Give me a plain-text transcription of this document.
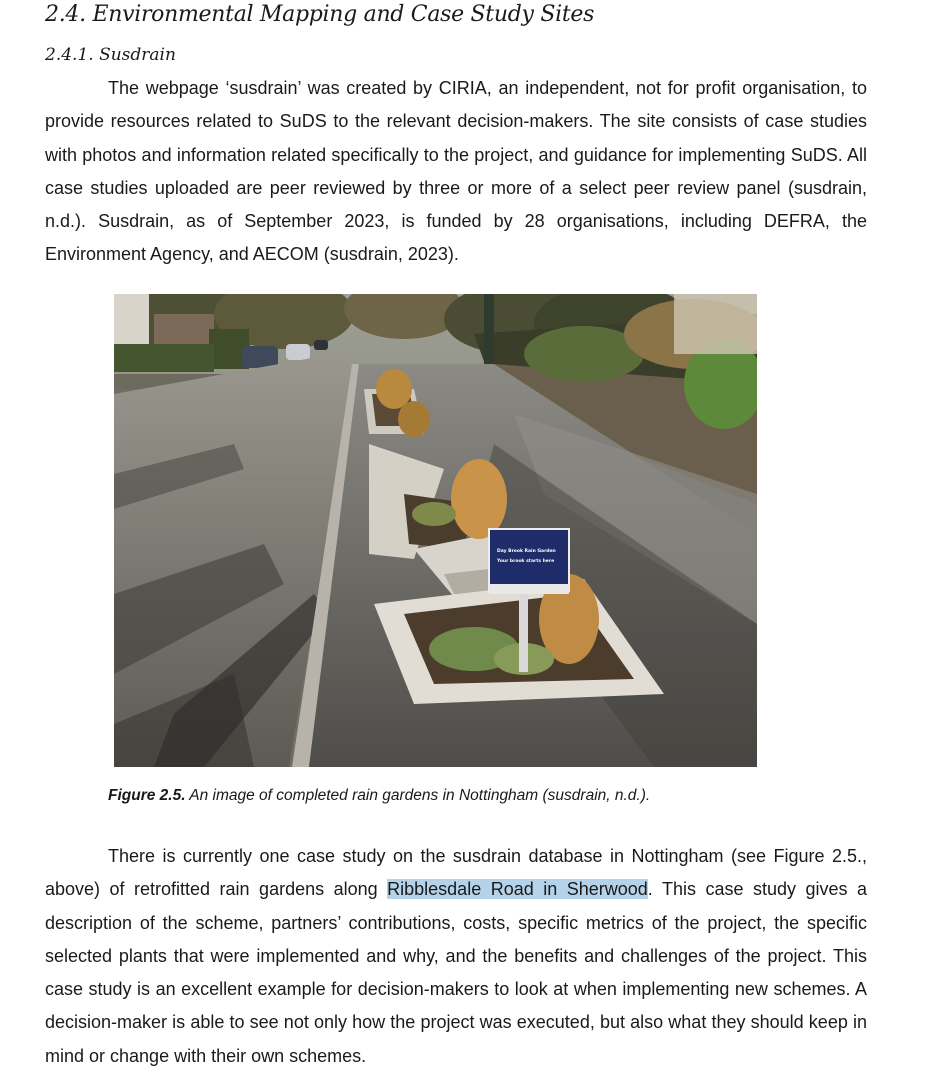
2.4. Environmental Mapping and Case Study Sites
2.4.1. Susdrain
The webpage ‘susdrain’ was created by CIRIA, an independent, not for profit organisation, to provide resources related to SuDS to the relevant decision-makers. The site consists of case studies with photos and information related specifically to the project, and guidance for implementing SuDS. All case studies uploaded are peer reviewed by three or more of a select peer review panel (susdrain, n.d.). Susdrain, as of September 2023, is funded by 28 organisations, including DEFRA, the Environment Agency, and AECOM (susdrain, 2023).
Day Brook Rain Garden
Your brook starts here
Figure 2.5. An image of completed rain gardens in Nottingham (susdrain, n.d.).
There is currently one case study on the susdrain database in Nottingham (see Figure 2.5., above) of retrofitted rain gardens along Ribblesdale Road in Sherwood. This case study gives a description of the scheme, partners’ contributions, costs, specific metrics of the project, the specific selected plants that were implemented and why, and the benefits and challenges of the project. This case study is an excellent example for decision-makers to look at when implementing new schemes. A decision-maker is able to see not only how the project was executed, but also what they should keep in mind or change with their own schemes.
